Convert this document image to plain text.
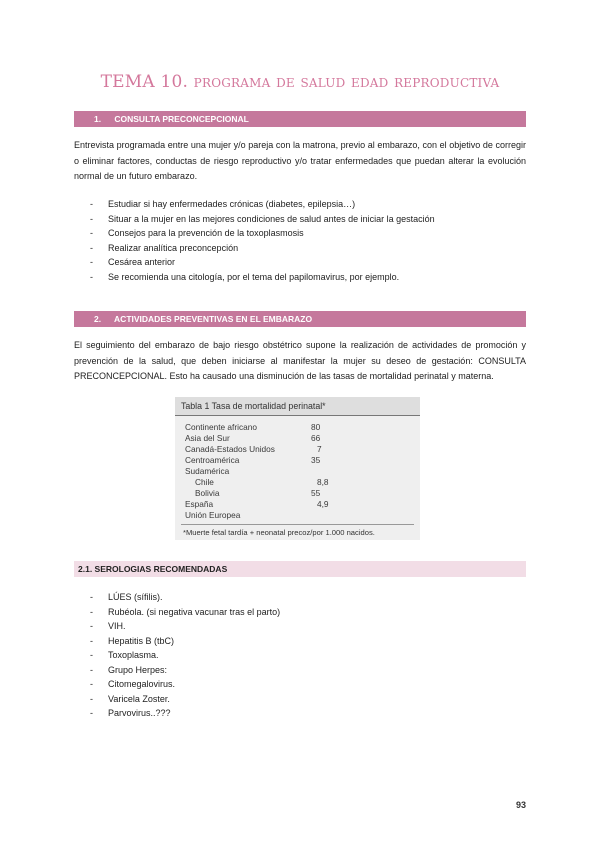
TEMA 10. programa de salud edad reproductiva
1. CONSULTA PRECONCEPCIONAL

Entrevista programada entre una mujer y/o pareja con la matrona, previo al embarazo, con el objetivo de corregir o eliminar factores, conductas de riesgo reproductivo y/o tratar enfermedades que puedan alterar la evolución normal de un futuro embarazo.

- Estudiar si hay enfermedades crónicas (diabetes, epilepsia…)
- Situar a la mujer en las mejores condiciones de salud antes de iniciar la gestación
- Consejos para la prevención de la toxoplasmosis
- Realizar analítica preconcepción
- Cesárea anterior
- Se recomienda una citología, por el tema del papilomavirus, por ejemplo.
2. ACTIVIDADES PREVENTIVAS EN EL EMBARAZO

El seguimiento del embarazo de bajo riesgo obstétrico supone la realización de actividades de promoción y prevención de la salud, que deben iniciarse al manifestar la mujer su deseo de gestación: CONSULTA PRECONCEPCIONAL. Esto ha causado una disminución de las tasas de mortalidad perinatal y materna.

Tabla 1 Tasa de mortalidad perinatal*
Continente africano	80
Asia del Sur	66
Canadá-Estados Unidos	7
Centroamérica	35
Sudamérica
Chile	8,8
Bolivia	55
España	4,9
Unión Europea
*Muerte fetal tardía + neonatal precoz/por 1.000 nacidos.
2.1. SEROLOGIAS RECOMENDADAS
- LÚES (sífilis).
- Rubéola. (si negativa vacunar tras el parto)
- VIH.
- Hepatitis B (tbC)
- Toxoplasma.
- Grupo Herpes:
- Citomegalovirus.
- Varicela Zoster.
- Parvovirus..???
93
